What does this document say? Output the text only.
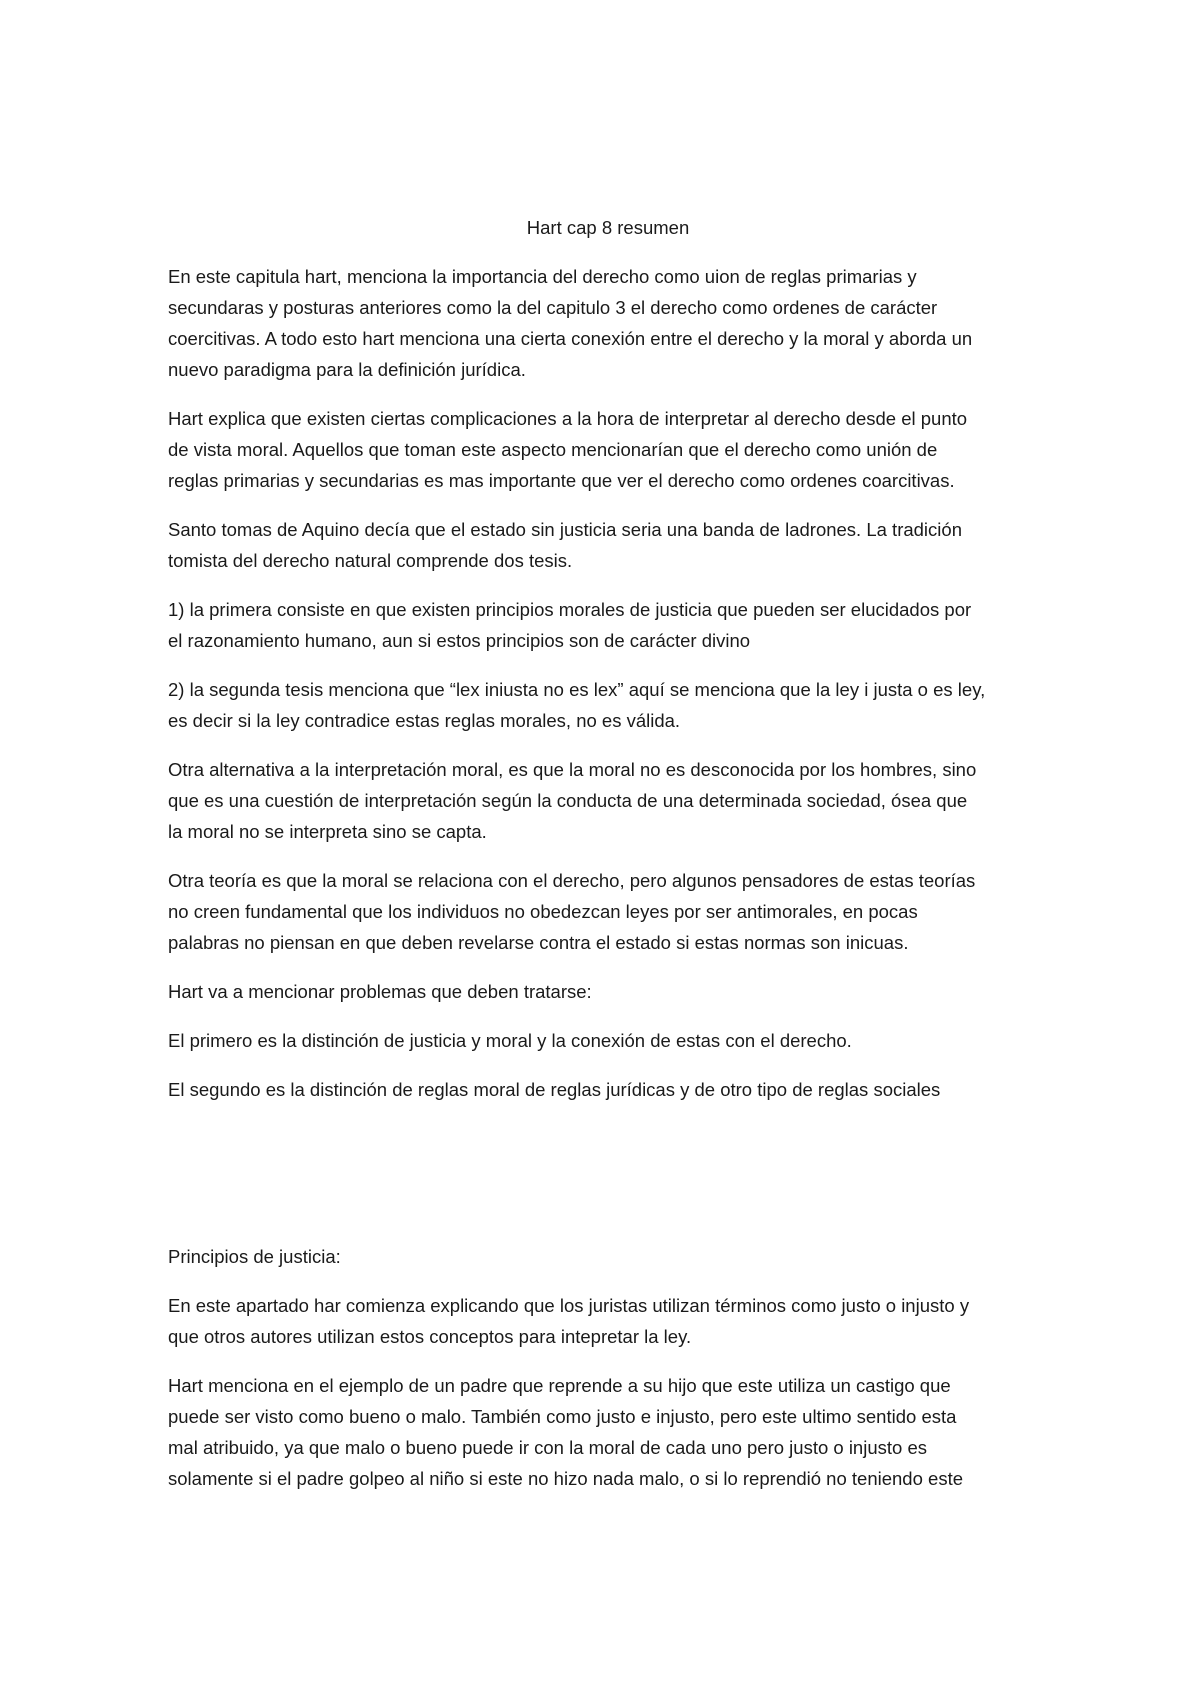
Hart cap 8 resumen
En este capitula hart, menciona la importancia del derecho como uion de reglas primarias y
secundaras y posturas anteriores como la del capitulo 3 el derecho como ordenes de carácter
coercitivas. A todo esto hart menciona una cierta conexión entre el derecho y la moral y aborda un
nuevo paradigma para la definición jurídica.
Hart explica que existen ciertas complicaciones a la hora de interpretar al derecho desde el punto
de vista moral. Aquellos que toman este aspecto mencionarían que el derecho como unión de
reglas primarias y secundarias es mas importante que ver el derecho como ordenes coarcitivas.
Santo tomas de Aquino decía que el estado sin justicia seria una banda de ladrones. La tradición
tomista del derecho natural comprende dos tesis.
1) la primera consiste en que existen principios morales de justicia que pueden ser elucidados por
el razonamiento humano, aun si estos principios son de carácter divino
2) la segunda tesis menciona que “lex iniusta no es lex” aquí se menciona que la ley i justa o es ley,
es decir si la ley contradice estas reglas morales, no es válida.
Otra alternativa a la interpretación moral, es que la moral no es desconocida por los hombres, sino
que es una cuestión de interpretación según la conducta de una determinada sociedad, ósea que
la moral no se interpreta sino se capta.
Otra teoría es que la moral se relaciona con el derecho, pero algunos pensadores de estas teorías
no creen fundamental que los individuos no obedezcan leyes por ser antimorales, en pocas
palabras no piensan en que deben revelarse contra el estado si estas normas son inicuas.
Hart va a mencionar problemas que deben tratarse:
El primero es la distinción de justicia y moral y la conexión de estas con el derecho.
El segundo es la distinción de reglas moral de reglas jurídicas y de otro tipo de reglas sociales
Principios de justicia:
En este apartado har comienza explicando que los juristas utilizan términos como justo o injusto y
que otros autores utilizan estos conceptos para intepretar la ley.
Hart menciona en el ejemplo de un padre que reprende a su hijo que este utiliza un castigo que
puede ser visto como bueno o malo. También como justo e injusto, pero este ultimo sentido esta
mal atribuido, ya que malo o bueno puede ir con la moral de cada uno pero justo o injusto es
solamente si el padre golpeo al niño si este no hizo nada malo, o si lo reprendió no teniendo este
